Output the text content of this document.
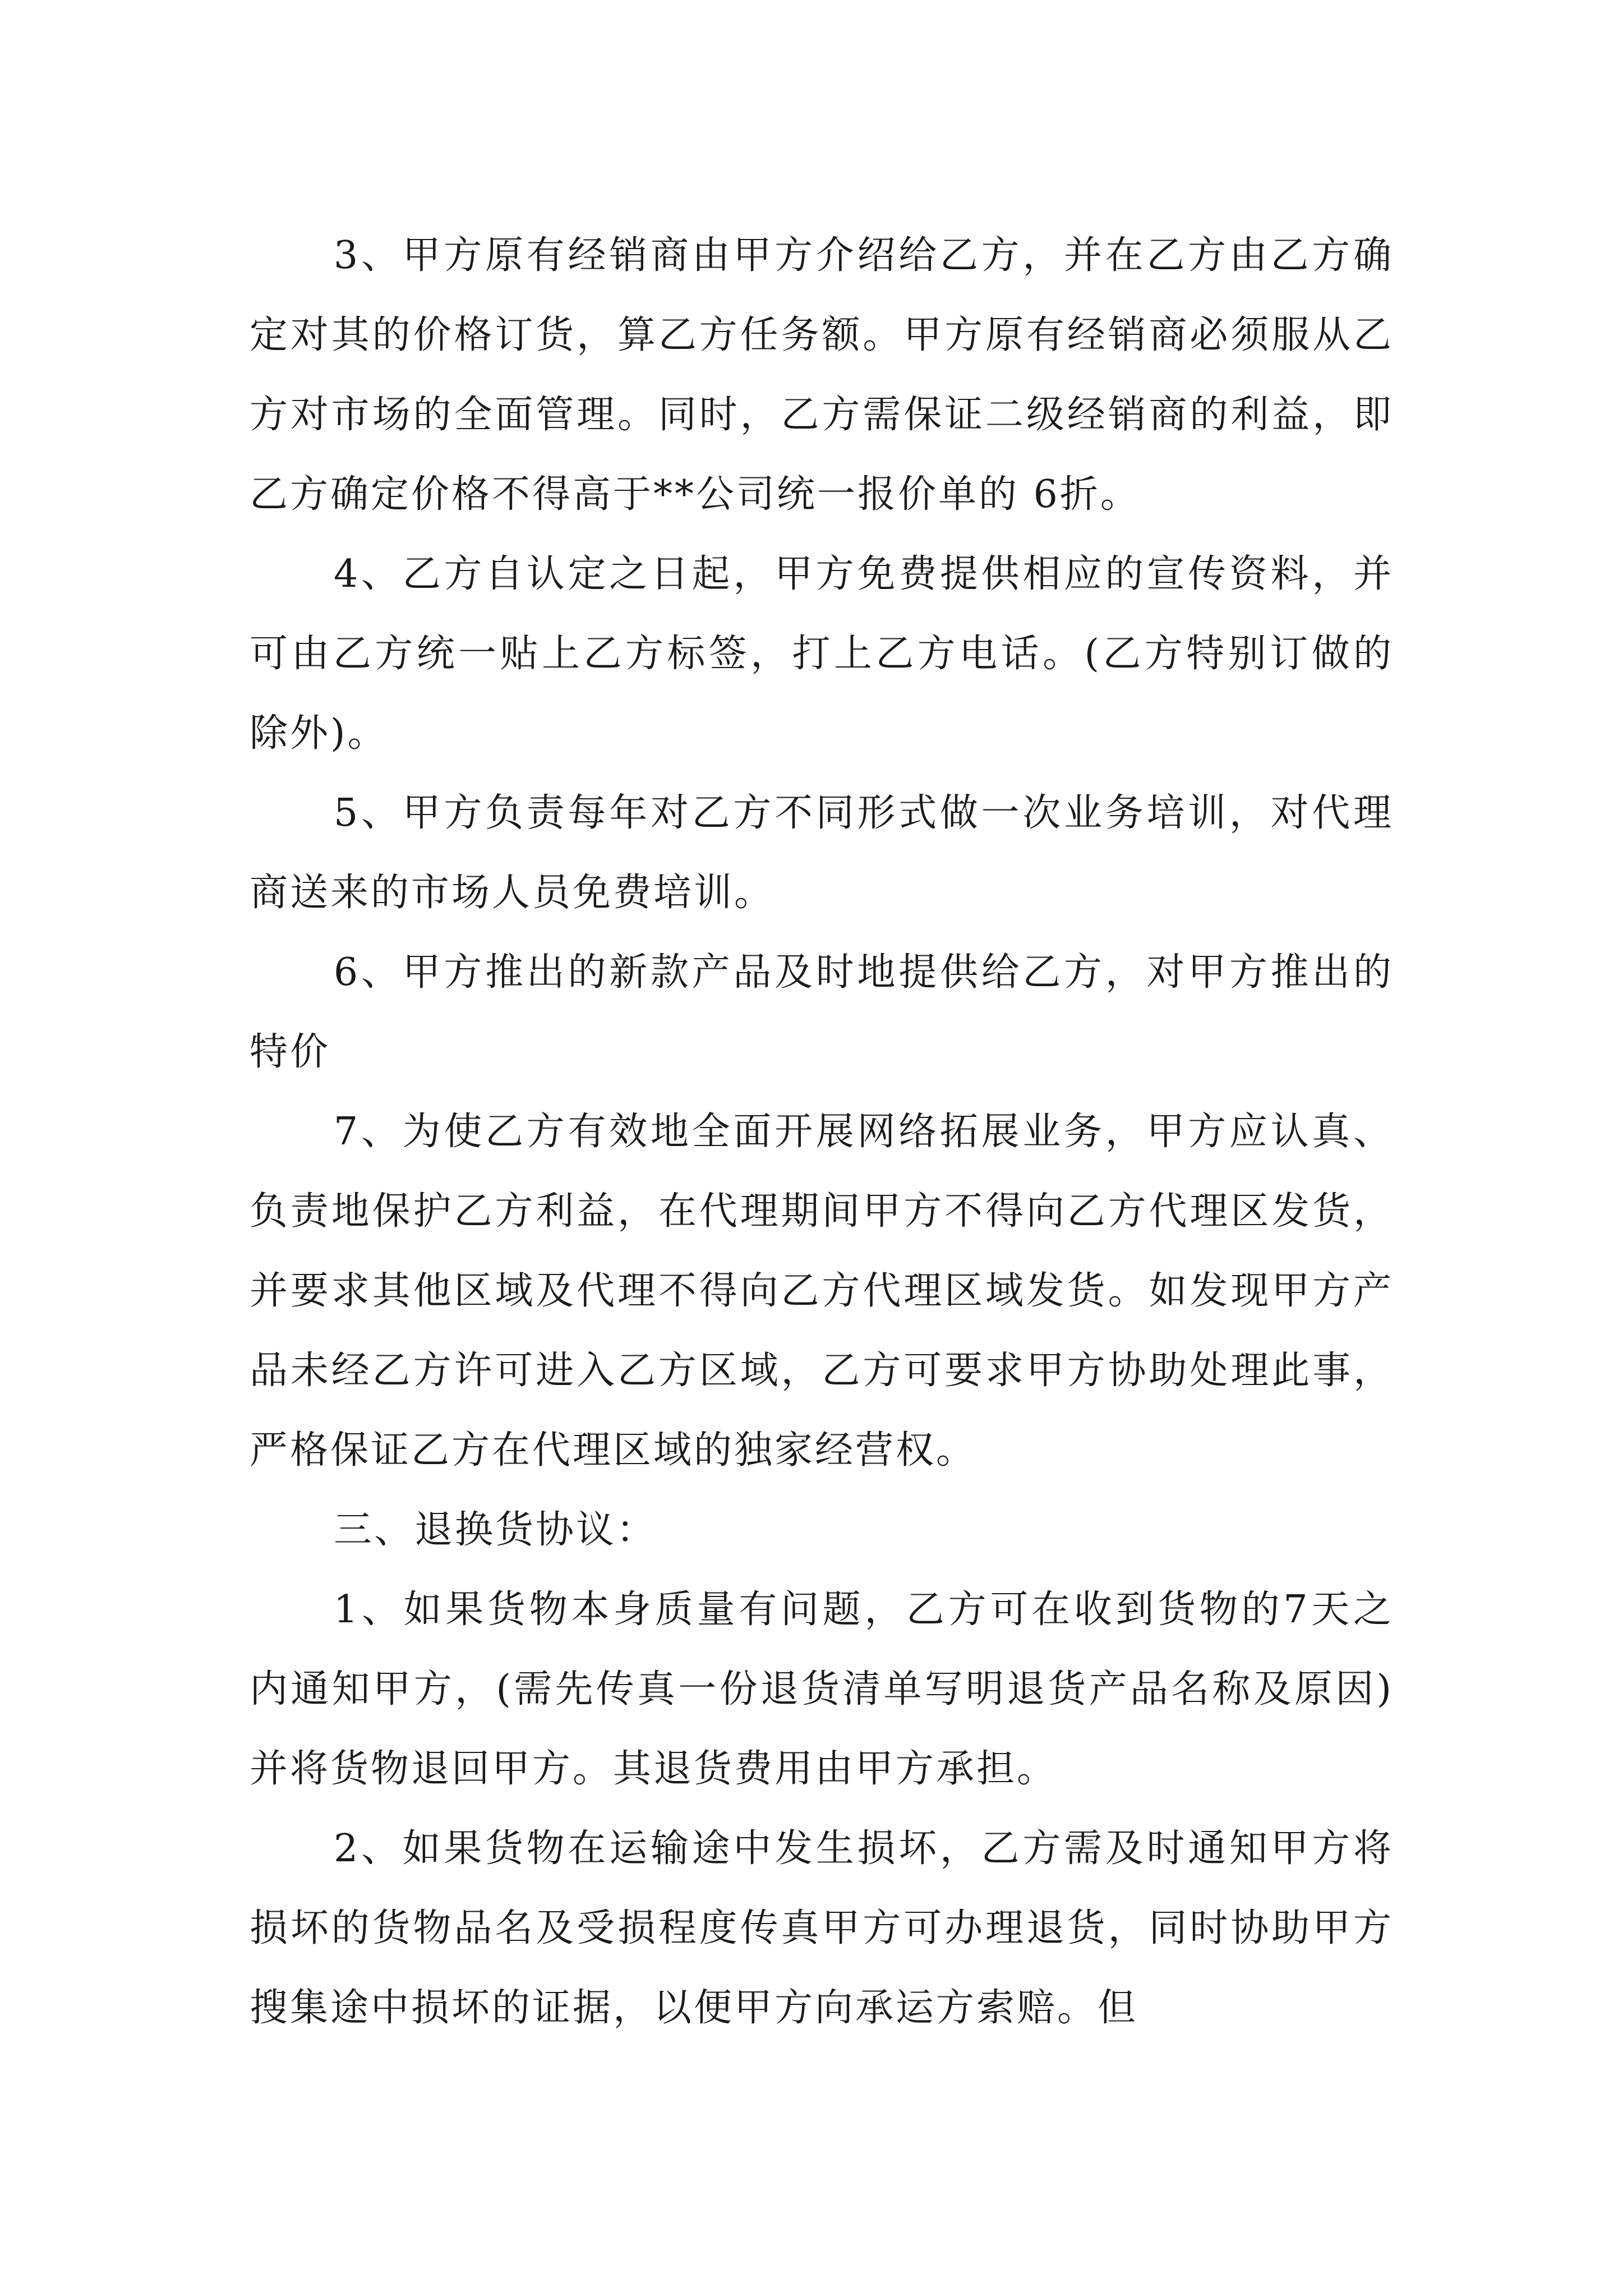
3、甲方原有经销商由甲方介绍给乙方，并在乙方由乙方确定对其的价格订货，算乙方任务额。甲方原有经销商必须服从乙方对市场的全面管理。同时，乙方需保证二级经销商的利益，即乙方确定价格不得高于**公司统一报价单的 6折。

4、乙方自认定之日起，甲方免费提供相应的宣传资料，并可由乙方统一贴上乙方标签，打上乙方电话。(乙方特别订做的除外)。

5、甲方负责每年对乙方不同形式做一次业务培训，对代理商送来的市场人员免费培训。

6、甲方推出的新款产品及时地提供给乙方，对甲方推出的特价

7、为使乙方有效地全面开展网络拓展业务，甲方应认真、负责地保护乙方利益，在代理期间甲方不得向乙方代理区发货，并要求其他区域及代理不得向乙方代理区域发货。如发现甲方产品未经乙方许可进入乙方区域，乙方可要求甲方协助处理此事，严格保证乙方在代理区域的独家经营权。

三、退换货协议：

1、如果货物本身质量有问题，乙方可在收到货物的7天之内通知甲方，(需先传真一份退货清单写明退货产品名称及原因)并将货物退回甲方。其退货费用由甲方承担。

2、如果货物在运输途中发生损坏，乙方需及时通知甲方将损坏的货物品名及受损程度传真甲方可办理退货，同时协助甲方搜集途中损坏的证据，以便甲方向承运方索赔。但
